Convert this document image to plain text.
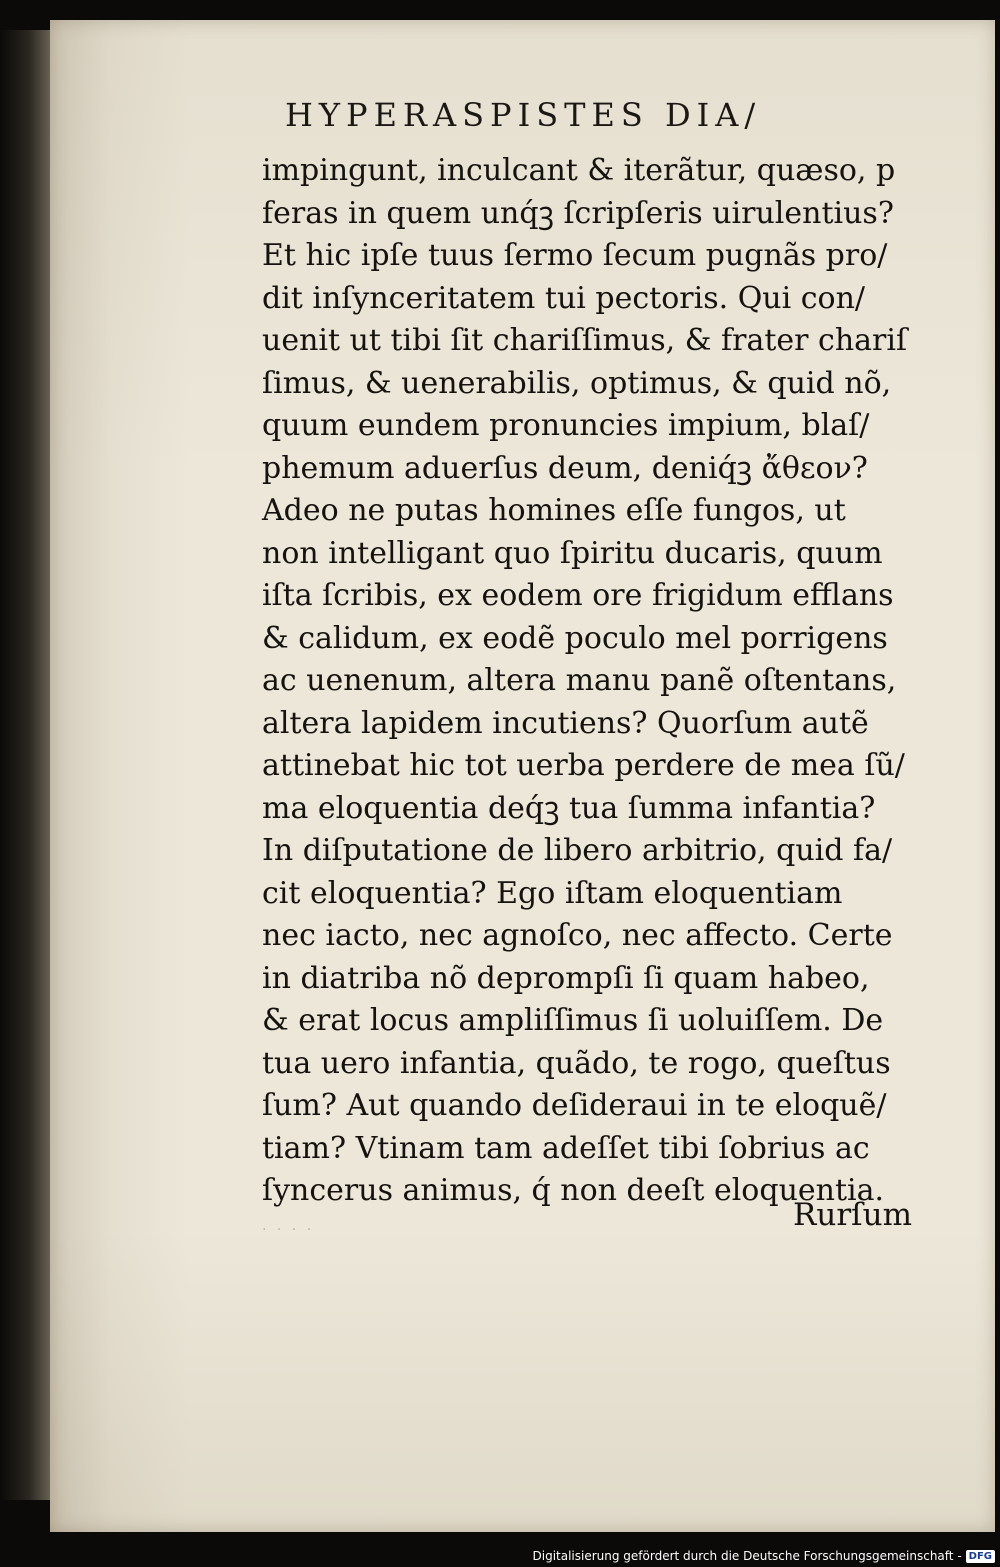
HYPERASPISTES DIA/
impingunt, inculcant & iterãtur, quæso, p
feras in quem unq́ꝫ ſcripſeris uirulentius?
Et hic ipſe tuus ſermo ſecum pugnãs pro/
dit inſynceritatem tui pectoris. Qui con/
uenit ut tibi ſit chariſſimus, & frater chariſ
ſimus, & uenerabilis, optimus, & quid nõ,
quum eundem pronuncies impium, blaſ/
phemum aduerſus deum, deniq́ꝫ ἄθεον?
Adeo ne putas homines eſſe fungos, ut
non intelligant quo ſpiritu ducaris, quum
iſta ſcribis, ex eodem ore frigidum efflans
& calidum, ex eodẽ poculo mel porrigens
ac uenenum, altera manu panẽ oſtentans,
altera lapidem incutiens? Quorſum autẽ
attinebat hic tot uerba perdere de mea ſũ/
ma eloquentia deq́ꝫ tua ſumma infantia?
In diſputatione de libero arbitrio, quid fa/
cit eloquentia? Ego iſtam eloquentiam
nec iacto, nec agnoſco, nec affecto. Certe
in diatriba nõ deprompſi ſi quam habeo,
& erat locus ampliſſimus ſi uoluiſſem. De
tua uero infantia, quãdo, te rogo, queſtus
ſum? Aut quando deſideraui in te eloquẽ/
tiam? Vtinam tam adeſſet tibi ſobrius ac
ſyncerus animus, q́ non deeſt eloquentia.
Rurſum
· · · ·
Digitalisierung gefördert durch die Deutsche Forschungsgemeinschaft - DFG
